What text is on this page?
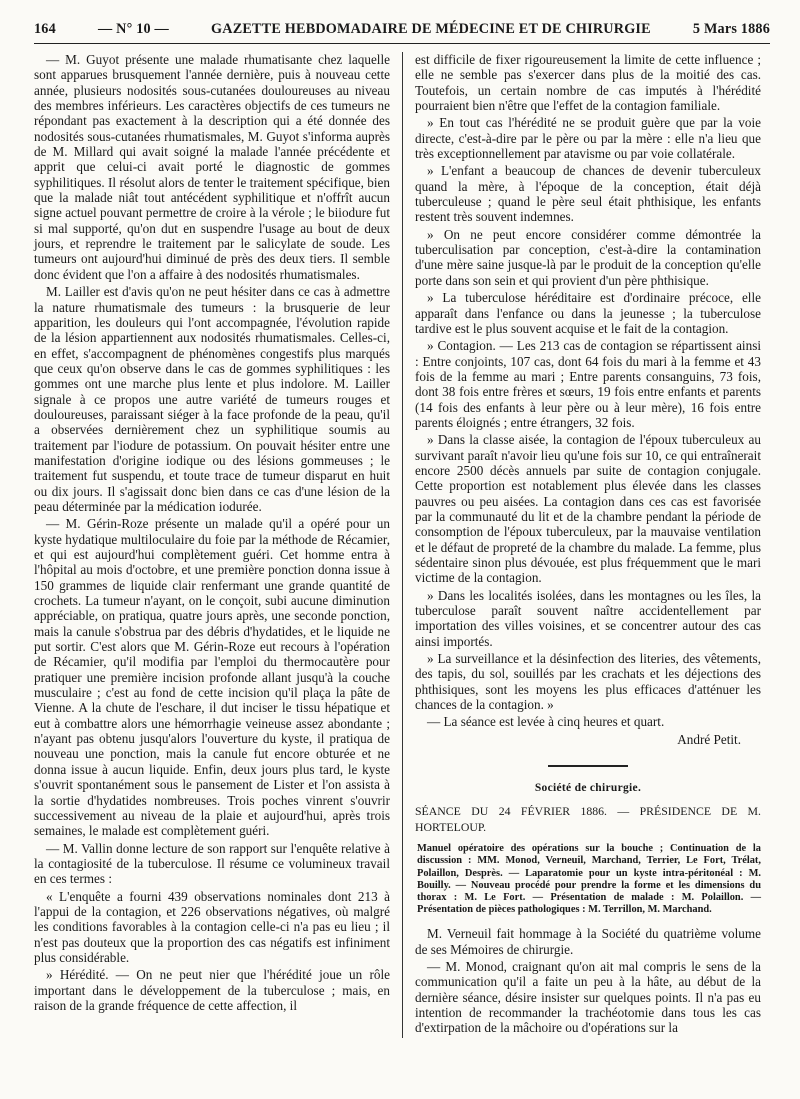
164	— N° 10 —	GAZETTE HEBDOMADAIRE DE MÉDECINE ET DE CHIRURGIE	5 Mars 1886

— M. Guyot présente une malade rhumatisante chez laquelle sont apparues brusquement l'année dernière, puis à nouveau cette année, plusieurs nodosités sous-cutanées douloureuses au niveau des membres inférieurs. Les caractères objectifs de ces tumeurs ne répondant pas exactement à la description qui a été donnée des nodosités sous-cutanées rhumatismales, M. Guyot s'informa auprès de M. Millard qui avait soigné la malade l'année précédente et apprit que celui-ci avait porté le diagnostic de gommes syphilitiques. Il résolut alors de tenter le traitement spécifique, bien que la malade niât tout antécédent syphilitique et n'offrît aucun signe actuel pouvant permettre de croire à la vérole ; le biiodure fut si mal supporté, qu'on dut en suspendre l'usage au bout de deux jours, et reprendre le traitement par le salicylate de soude. Les tumeurs ont aujourd'hui diminué de près des deux tiers. Il semble donc évident que l'on a affaire à des nodosités rhumatismales.

M. Lailler est d'avis qu'on ne peut hésiter dans ce cas à admettre la nature rhumatismale des tumeurs : la brusquerie de leur apparition, les douleurs qui l'ont accompagnée, l'évolution rapide de la lésion appartiennent aux nodosités rhumatismales. Celles-ci, en effet, s'accompagnent de phénomènes congestifs plus marqués que ceux qu'on observe dans le cas de gommes syphilitiques : les gommes ont une marche plus lente et plus indolore. M. Lailler signale à ce propos une autre variété de tumeurs rouges et douloureuses, paraissant siéger à la face profonde de la peau, qu'il a observées dernièrement chez un syphilitique soumis au traitement par l'iodure de potassium. On pouvait hésiter entre une manifestation d'origine iodique ou des lésions gommeuses ; le traitement fut suspendu, et toute trace de tumeur disparut en huit ou dix jours. Il s'agissait donc bien dans ce cas d'une lésion de la peau déterminée par la médication iodurée.

— M. Gérin-Roze présente un malade qu'il a opéré pour un kyste hydatique multiloculaire du foie par la méthode de Récamier, et qui est aujourd'hui complètement guéri. Cet homme entra à l'hôpital au mois d'octobre, et une première ponction donna issue à 150 grammes de liquide clair renfermant une grande quantité de crochets. La tumeur n'ayant, on le conçoit, subi aucune diminution appréciable, on pratiqua, quatre jours après, une seconde ponction, mais la canule s'obstrua par des débris d'hydatides, et le liquide ne put sortir. C'est alors que M. Gérin-Roze eut recours à l'opération de Récamier, qu'il modifia par l'emploi du thermocautère pour pratiquer une première incision profonde allant jusqu'à la couche musculaire ; c'est au fond de cette incision qu'il plaça la pâte de Vienne. A la chute de l'eschare, il dut inciser le tissu hépatique et eut à combattre alors une hémorrhagie veineuse assez abondante ; n'ayant pas obtenu jusqu'alors l'ouverture du kyste, il pratiqua de nouveau une ponction, mais la canule fut encore obturée et ne donna issue à aucun liquide. Enfin, deux jours plus tard, le kyste s'ouvrit spontanément sous le pansement de Lister et l'on assista à la sortie d'hydatides nombreuses. Trois poches vinrent s'ouvrir successivement au niveau de la plaie et aujourd'hui, après trois semaines, le malade est complètement guéri.

— M. Vallin donne lecture de son rapport sur l'enquête relative à la contagiosité de la tuberculose. Il résume ce volumineux travail en ces termes :

« L'enquête a fourni 439 observations nominales dont 213 à l'appui de la contagion, et 226 observations négatives, où malgré les conditions favorables à la contagion celle-ci n'a pas eu lieu ; il n'est pas douteux que la proportion des cas négatifs est infiniment plus considérable.

» Hérédité. — On ne peut nier que l'hérédité joue un rôle important dans le développement de la tuberculose ; mais, en raison de la grande fréquence de cette affection, il

est difficile de fixer rigoureusement la limite de cette influence ; elle ne semble pas s'exercer dans plus de la moitié des cas. Toutefois, un certain nombre de cas imputés à l'hérédité pourraient bien n'être que l'effet de la contagion familiale.

» En tout cas l'hérédité ne se produit guère que par la voie directe, c'est-à-dire par le père ou par la mère : elle n'a lieu que très exceptionnellement par atavisme ou par voie collatérale.

» L'enfant a beaucoup de chances de devenir tuberculeux quand la mère, à l'époque de la conception, était déjà tuberculeuse ; quand le père seul était phthisique, les enfants restent très souvent indemnes.

» On ne peut encore considérer comme démontrée la tuberculisation par conception, c'est-à-dire la contamination d'une mère saine jusque-là par le produit de la conception qu'elle porte dans son sein et qui provient d'un père phthisique.

» La tuberculose héréditaire est d'ordinaire précoce, elle apparaît dans l'enfance ou dans la jeunesse ; la tuberculose tardive est le plus souvent acquise et le fait de la contagion.

» Contagion. — Les 213 cas de contagion se répartissent ainsi : Entre conjoints, 107 cas, dont 64 fois du mari à la femme et 43 fois de la femme au mari ; Entre parents consanguins, 73 fois, dont 38 fois entre frères et sœurs, 19 fois entre enfants et parents (14 fois des enfants à leur père ou à leur mère), 16 fois entre parents éloignés ; entre étrangers, 32 fois.

» Dans la classe aisée, la contagion de l'époux tuberculeux au survivant paraît n'avoir lieu qu'une fois sur 10, ce qui entraînerait encore 2500 décès annuels par suite de contagion conjugale. Cette proportion est notablement plus élevée dans les classes pauvres ou peu aisées. La contagion dans ces cas est favorisée par la communauté du lit et de la chambre pendant la période de consomption de l'époux tuberculeux, par la mauvaise ventilation et le défaut de propreté de la chambre du malade. La femme, plus sédentaire sinon plus dévouée, est plus fréquemment que le mari victime de la contagion.

» Dans les localités isolées, dans les montagnes ou les îles, la tuberculose paraît souvent naître accidentellement par importation des villes voisines, et se concentrer autour des cas ainsi importés.

» La surveillance et la désinfection des literies, des vêtements, des tapis, du sol, souillés par les crachats et les déjections des phthisiques, sont les moyens les plus efficaces d'atténuer les chances de la contagion. »

— La séance est levée à cinq heures et quart.

André Petit.

Société de chirurgie.

SÉANCE DU 24 FÉVRIER 1886. — PRÉSIDENCE DE M. HORTELOUP.

Manuel opératoire des opérations sur la bouche ; Continuation de la discussion : MM. Monod, Verneuil, Marchand, Terrier, Le Fort, Trélat, Polaillon, Desprès. — Laparatomie pour un kyste intra-péritonéal : M. Bouilly. — Nouveau procédé pour prendre la forme et les dimensions du thorax : M. Le Fort. — Présentation de malade : M. Polaillon. — Présentation de pièces pathologiques : M. Terrillon, M. Marchand.

M. Verneuil fait hommage à la Société du quatrième volume de ses Mémoires de chirurgie.

— M. Monod, craignant qu'on ait mal compris le sens de la communication qu'il a faite un peu à la hâte, au début de la dernière séance, désire insister sur quelques points. Il n'a pas eu intention de recommander la trachéotomie dans tous les cas d'extirpation de la mâchoire ou d'opérations sur la
